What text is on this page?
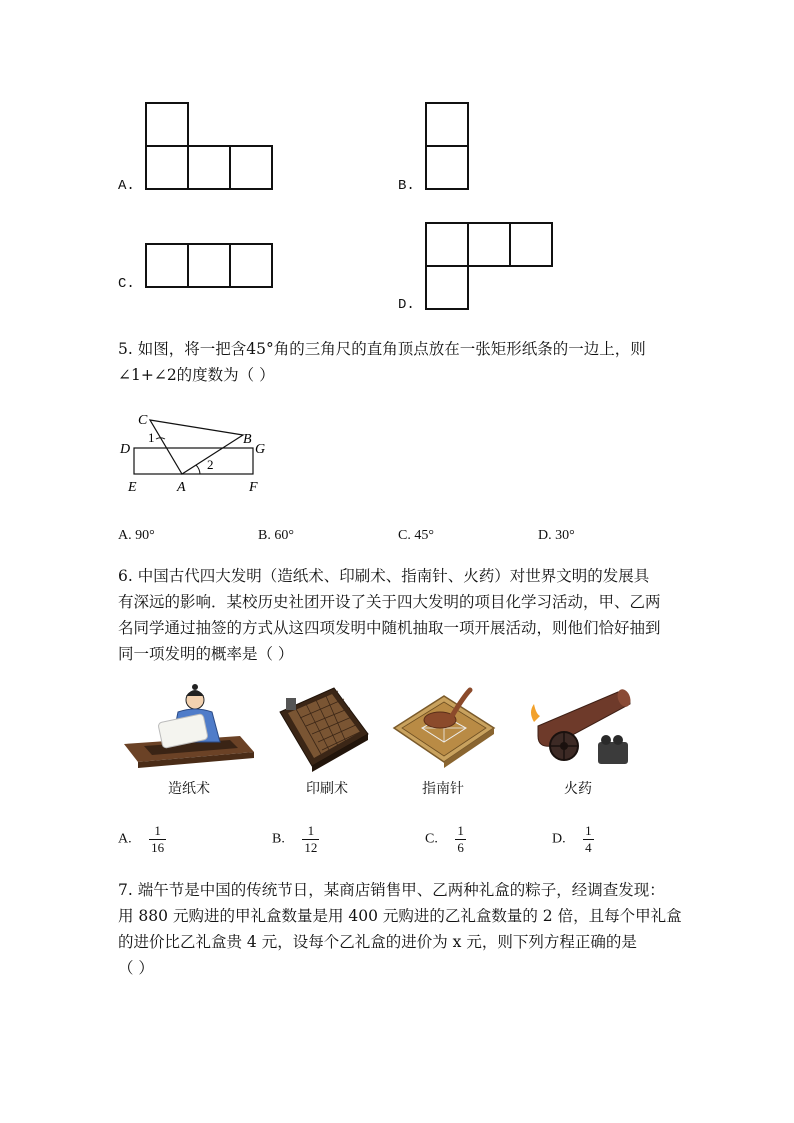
A.	B.
C.
D.
5. 如图，将一把含45°角的三角尺的直角顶点放在一张矩形纸条的一边上，则
∠1+∠2的度数为（ ）
C
B
D	G
E	A	F
1
2
A. 90°	B. 60°	C. 45°	D. 30°
6. 中国古代四大发明（造纸术、印刷术、指南针、火药）对世界文明的发展具
有深远的影响．某校历史社团开设了关于四大发明的项目化学习活动，甲、乙两
名同学通过抽签的方式从这四项发明中随机抽取一项开展活动，则他们恰好抽到
同一项发明的概率是（ ）
造纸术	印刷术	指南针	火药
A. $\frac{1}{16}$	B. $\frac{1}{12}$	C. $\frac{1}{6}$	D. $\frac{1}{4}$
7. 端午节是中国的传统节日，某商店销售甲、乙两种礼盒的粽子，经调查发现：
用 880 元购进的甲礼盒数量是用 400 元购进的乙礼盒数量的 2 倍，且每个甲礼盒
的进价比乙礼盒贵 4 元，设每个乙礼盒的进价为 x 元，则下列方程正确的是
（ ）
